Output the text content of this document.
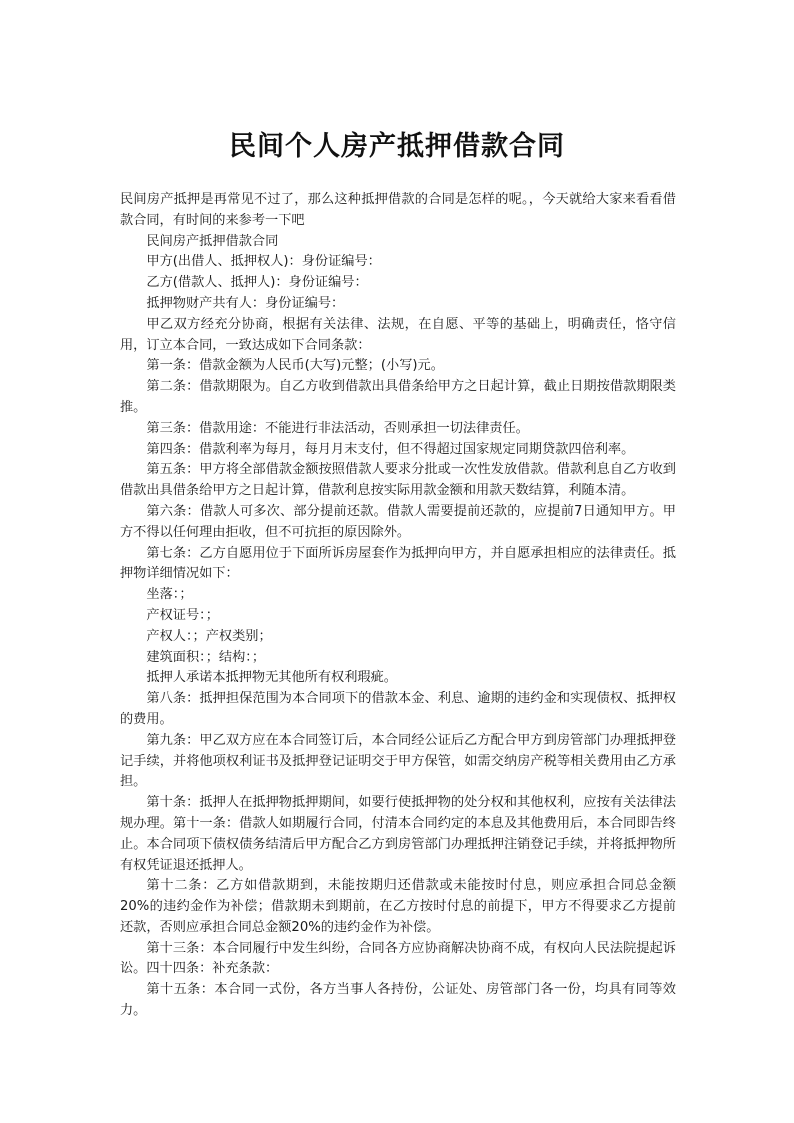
民间个人房产抵押借款合同

民间房产抵押是再常见不过了，那么这种抵押借款的合同是怎样的呢。，今天就给大家来看看借款合同，有时间的来参考一下吧

民间房产抵押借款合同

甲方(出借人、抵押权人)：身份证编号：

乙方(借款人、抵押人)：身份证编号：

抵押物财产共有人：身份证编号：

甲乙双方经充分协商，根据有关法律、法规，在自愿、平等的基础上，明确责任，恪守信用，订立本合同，一致达成如下合同条款：

第一条：借款金额为人民币(大写)元整；(小写)元。

第二条：借款期限为。自乙方收到借款出具借条给甲方之日起计算，截止日期按借款期限类推。

第三条：借款用途：不能进行非法活动，否则承担一切法律责任。

第四条：借款利率为每月，每月月末支付，但不得超过国家规定同期贷款四倍利率。

第五条：甲方将全部借款金额按照借款人要求分批或一次性发放借款。借款利息自乙方收到借款出具借条给甲方之日起计算，借款利息按实际用款金额和用款天数结算，利随本清。

第六条：借款人可多次、部分提前还款。借款人需要提前还款的，应提前7日通知甲方。甲方不得以任何理由拒收，但不可抗拒的原因除外。

第七条：乙方自愿用位于下面所诉房屋套作为抵押向甲方，并自愿承担相应的法律责任。抵押物详细情况如下：

坐落：；

产权证号：；

产权人：；产权类别；

建筑面积：；结构：；

抵押人承诺本抵押物无其他所有权利瑕疵。

第八条：抵押担保范围为本合同项下的借款本金、利息、逾期的违约金和实现债权、抵押权的费用。

第九条：甲乙双方应在本合同签订后，本合同经公证后乙方配合甲方到房管部门办理抵押登记手续，并将他项权利证书及抵押登记证明交于甲方保管，如需交纳房产税等相关费用由乙方承担。

第十条：抵押人在抵押物抵押期间，如要行使抵押物的处分权和其他权利，应按有关法律法规办理。第十一条：借款人如期履行合同，付清本合同约定的本息及其他费用后，本合同即告终止。本合同项下债权债务结清后甲方配合乙方到房管部门办理抵押注销登记手续，并将抵押物所有权凭证退还抵押人。

第十二条：乙方如借款期到，未能按期归还借款或未能按时付息，则应承担合同总金额20%的违约金作为补偿；借款期未到期前，在乙方按时付息的前提下，甲方不得要求乙方提前还款，否则应承担合同总金额20%的违约金作为补偿。

第十三条：本合同履行中发生纠纷，合同各方应协商解决协商不成，有权向人民法院提起诉讼。四十四条：补充条款：

第十五条：本合同一式份，各方当事人各持份，公证处、房管部门各一份，均具有同等效力。
